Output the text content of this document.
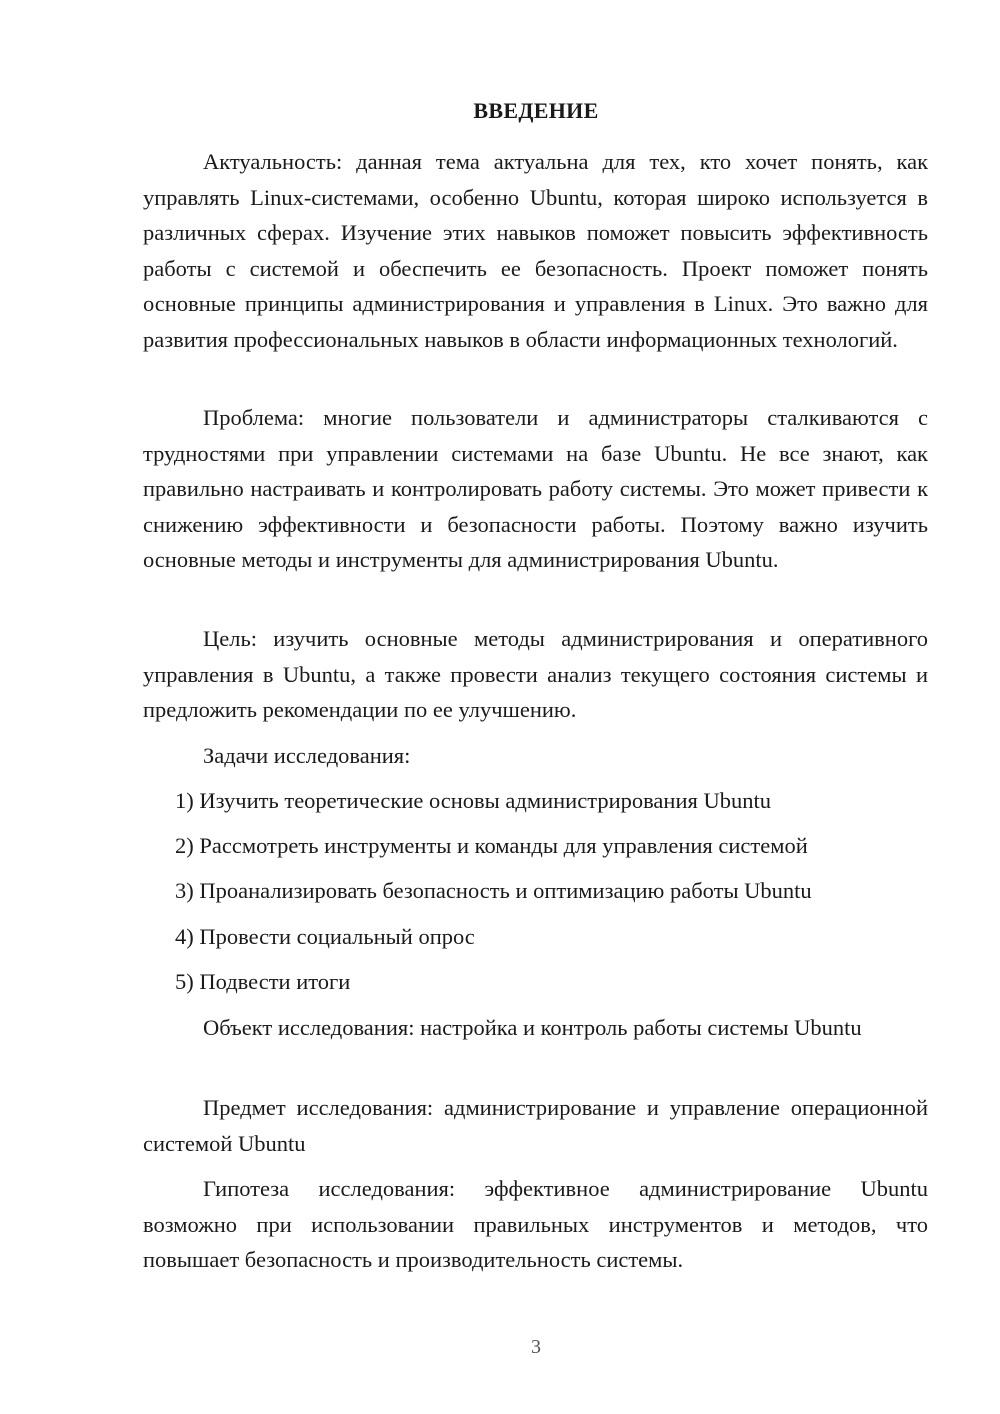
ВВЕДЕНИЕ

Актуальность: данная тема актуальна для тех, кто хочет понять, как управлять Linux-системами, особенно Ubuntu, которая широко используется в различных сферах. Изучение этих навыков поможет повысить эффективность работы с системой и обеспечить ее безопасность. Проект поможет понять основные принципы администрирования и управления в Linux. Это важно для развития профессиональных навыков в области информационных технологий.

Проблема: многие пользователи и администраторы сталкиваются с трудностями при управлении системами на базе Ubuntu. Не все знают, как правильно настраивать и контролировать работу системы. Это может привести к снижению эффективности и безопасности работы. Поэтому важно изучить основные методы и инструменты для администрирования Ubuntu.

Цель: изучить основные методы администрирования и оперативного управления в Ubuntu, а также провести анализ текущего состояния системы и предложить рекомендации по ее улучшению.

Задачи исследования:

1) Изучить теоретические основы администрирования Ubuntu

2) Рассмотреть инструменты и команды для управления системой

3) Проанализировать безопасность и оптимизацию работы Ubuntu

4) Провести социальный опрос

5) Подвести итоги

Объект исследования: настройка и контроль работы системы Ubuntu

Предмет исследования: администрирование и управление операционной системой Ubuntu

Гипотеза исследования: эффективное администрирование Ubuntu возможно при использовании правильных инструментов и методов, что повышает безопасность и производительность системы.

3
